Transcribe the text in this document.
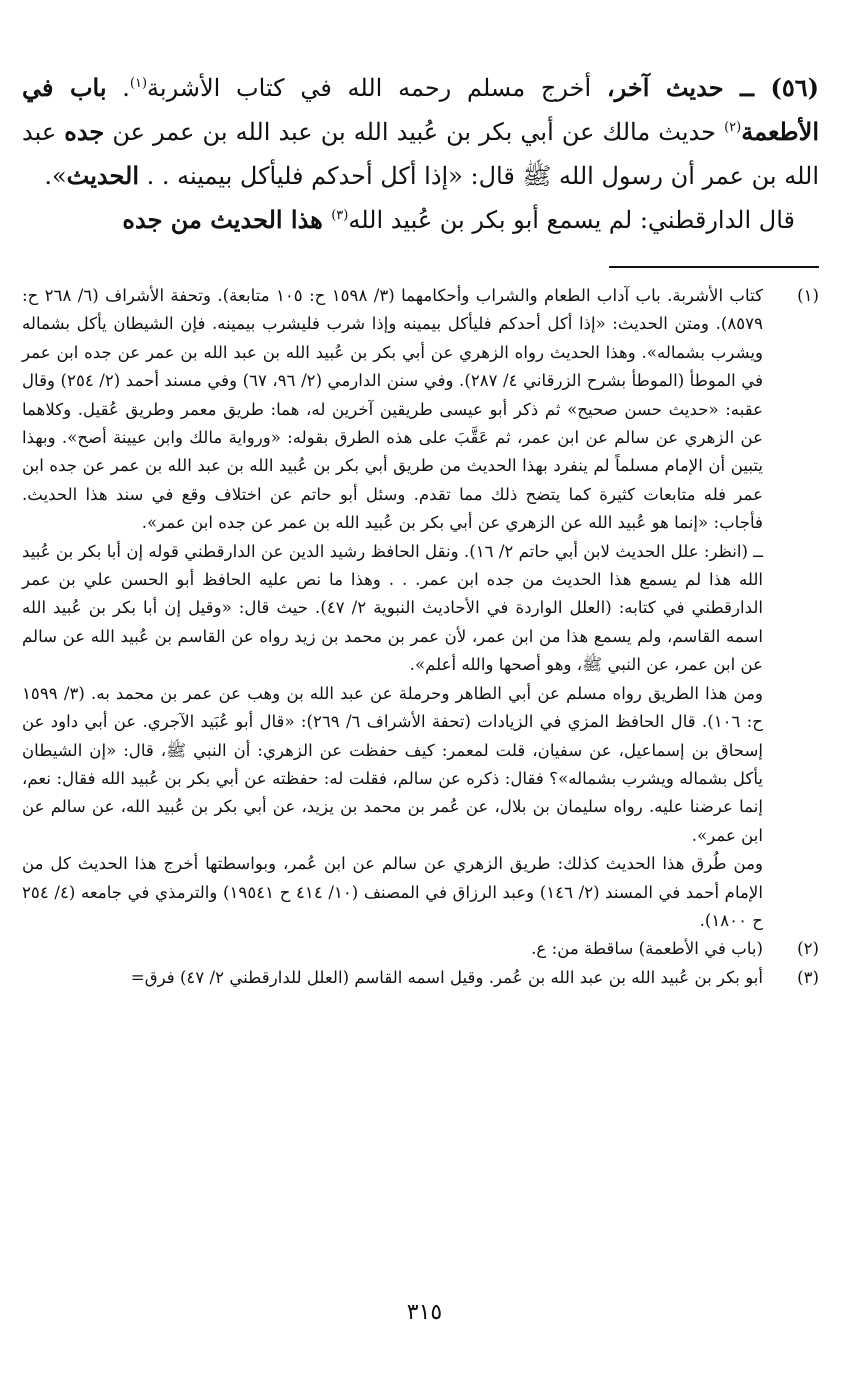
(٥٦) ــ حديث آخر، أخرج مسلم رحمه الله في كتاب الأشربة$^{(١)}$. باب في الأطعمة$^{(٢)}$ حديث مالك عن أبي بكر بن عُبيد الله بن عبد الله بن عمر عن جده عبد الله بن عمر أن رسول الله ﷺ قال: «إذا أكل أحدكم فليأكل بيمينه . . الحديث».

قال الدارقطني: لم يسمع أبو بكر بن عُبيد الله$^{(٣)}$ هذا الحديث من جده

(١)

كتاب الأشربة. باب آداب الطعام والشراب وأحكامهما (٣/ ١٥٩٨ ح: ١٠٥ متابعة). وتحفة الأشراف (٦/ ٢٦٨ ح: ٨٥٧٩). ومتن الحديث: «إذا أكل أحدكم فليأكل بيمينه وإذا شرب فليشرب بيمينه. فإن الشيطان يأكل بشماله ويشرب بشماله». وهذا الحديث رواه الزهري عن أبي بكر بن عُبيد الله بن عبد الله بن عمر عن جده ابن عمر في الموطأ (الموطأ بشرح الزرقاني ٤/ ٢٨٧). وفي سنن الدارمي (٢/ ٩٦، ٦٧) وفي مسند أحمد (٢/ ٢٥٤) وقال عقبه: «حديث حسن صحيح» ثم ذكر أبو عيسى طريقين آخرين له، هما: طريق معمر وطريق عُقيل. وكلاهما عن الزهري عن سالم عن ابن عمر، ثم عَقَّبَ على هذه الطرق بقوله: «ورواية مالك وابن عيينة أصح». وبهذا يتبين أن الإمام مسلماً لم ينفرد بهذا الحديث من طريق أبي بكر بن عُبيد الله بن عبد الله بن عمر عن جده ابن عمر فله متابعات كثيرة كما يتضح ذلك مما تقدم. وسئل أبو حاتم عن اختلاف وقع في سند هذا الحديث. فأجاب: «إنما هو عُبيد الله عن الزهري عن أبي بكر بن عُبيد الله بن عمر عن جده ابن عمر».

ــ (انظر: علل الحديث لابن أبي حاتم ٢/ ١٦). ونقل الحافظ رشيد الدين عن الدارقطني قوله إن أبا بكر بن عُبيد الله هذا لم يسمع هذا الحديث من جده ابن عمر. . . وهذا ما نص عليه الحافظ أبو الحسن علي بن عمر الدارقطني في كتابه: (العلل الواردة في الأحاديث النبوية ٢/ ٤٧). حيث قال: «وقيل إن أبا بكر بن عُبيد الله اسمه القاسم، ولم يسمع هذا من ابن عمر، لأن عمر بن محمد بن زيد رواه عن القاسم بن عُبيد الله عن سالم عن ابن عمر، عن النبي ﷺ، وهو أصحها والله أعلم».

ومن هذا الطريق رواه مسلم عن أبي الطاهر وحرملة عن عبد الله بن وهب عن عمر بن محمد به. (٣/ ١٥٩٩ ح: ١٠٦). قال الحافظ المزي في الزيادات (تحفة الأشراف ٦/ ٢٦٩): «قال أبو عُبَيد الآجري. عن أبي داود عن إسحاق بن إسماعيل، عن سفيان، قلت لمعمر: كيف حفظت عن الزهري: أن النبي ﷺ، قال: «إن الشيطان يأكل بشماله ويشرب بشماله»؟ فقال: ذكره عن سالم، فقلت له: حفظته عن أبي بكر بن عُبيد الله فقال: نعم، إنما عرضنا عليه. رواه سليمان بن بلال، عن عُمر بن محمد بن يزيد، عن أبي بكر بن عُبيد الله، عن سالم عن ابن عمر».

ومن طُرق هذا الحديث كذلك: طريق الزهري عن سالم عن ابن عُمر، وبواسطتها أخرج هذا الحديث كل من الإمام أحمد في المسند (٢/ ١٤٦) وعبد الرزاق في المصنف (١٠/ ٤١٤ ح ١٩٥٤١) والترمذي في جامعه (٤/ ٢٥٤ ح ١٨٠٠).

(٢)

(باب في الأطعمة) ساقطة من: ع.

(٣)

أبو بكر بن عُبيد الله بن عبد الله بن عُمر. وقيل اسمه القاسم (العلل للدارقطني ٢/ ٤٧) فرق=

٣١٥
